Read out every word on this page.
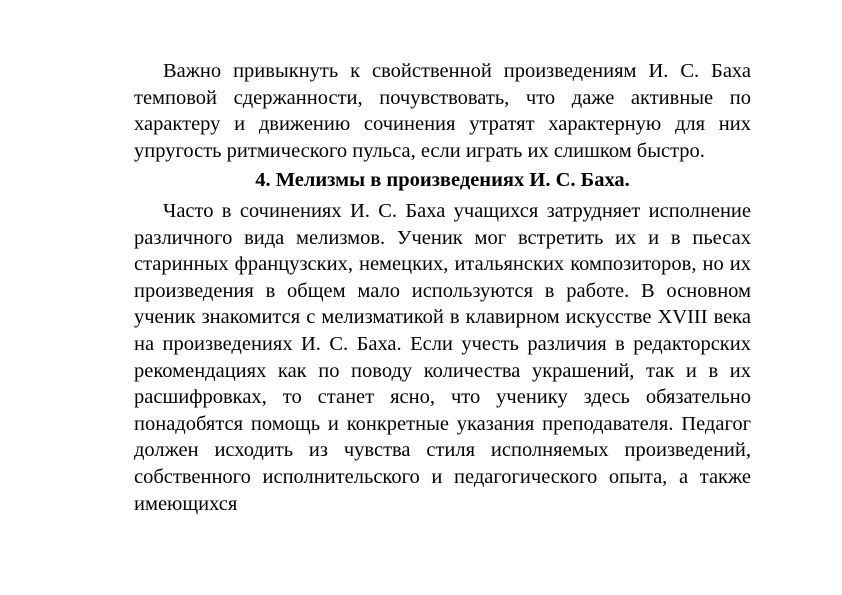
Важно привыкнуть к свойственной произведениям И. С. Баха темповой сдержанности, почувствовать, что даже активные по характеру и движению сочинения утратят характерную для них упругость ритмического пульса, если играть их слишком быстро.

4. Мелизмы в произведениях И. С. Баха.

Часто в сочинениях И. С. Баха учащихся затрудняет исполнение различного вида мелизмов. Ученик мог встретить их и в пьесах старинных французских, немецких, итальянских композиторов, но их произведения в общем мало используются в работе. В основном ученик знакомится с мелизматикой в клавирном искусстве XVIII века на произведениях И. С. Баха. Если учесть различия в редакторских рекомендациях как по поводу количества украшений, так и в их расшифровках, то станет ясно, что ученику здесь обязательно понадобятся помощь и конкретные указания преподавателя. Педагог должен исходить из чувства стиля исполняемых произведений, собственного исполнительского и педагогического опыта, а также имеющихся
